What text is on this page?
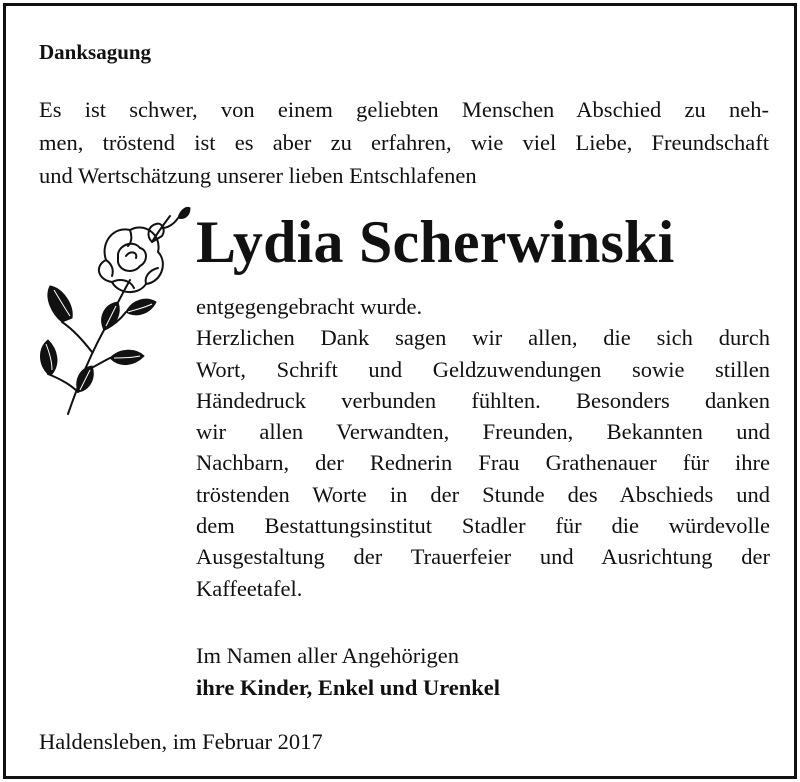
Danksagung
Es ist schwer, von einem geliebten Menschen Abschied zu neh-
men, tröstend ist es aber zu erfahren, wie viel Liebe, Freundschaft
und Wertschätzung unserer lieben Entschlafenen
Lydia Scherwinski
entgegengebracht wurde.
Herzlichen Dank sagen wir allen, die sich durch
Wort, Schrift und Geldzuwendungen sowie stillen
Händedruck verbunden fühlten. Besonders danken
wir allen Verwandten, Freunden, Bekannten und
Nachbarn, der Rednerin Frau Grathenauer für ihre
tröstenden Worte in der Stunde des Abschieds und
dem Bestattungsinstitut Stadler für die würdevolle
Ausgestaltung der Trauerfeier und Ausrichtung der
Kaffeetafel.
Im Namen aller Angehörigen
ihre Kinder, Enkel und Urenkel
Haldensleben, im Februar 2017
